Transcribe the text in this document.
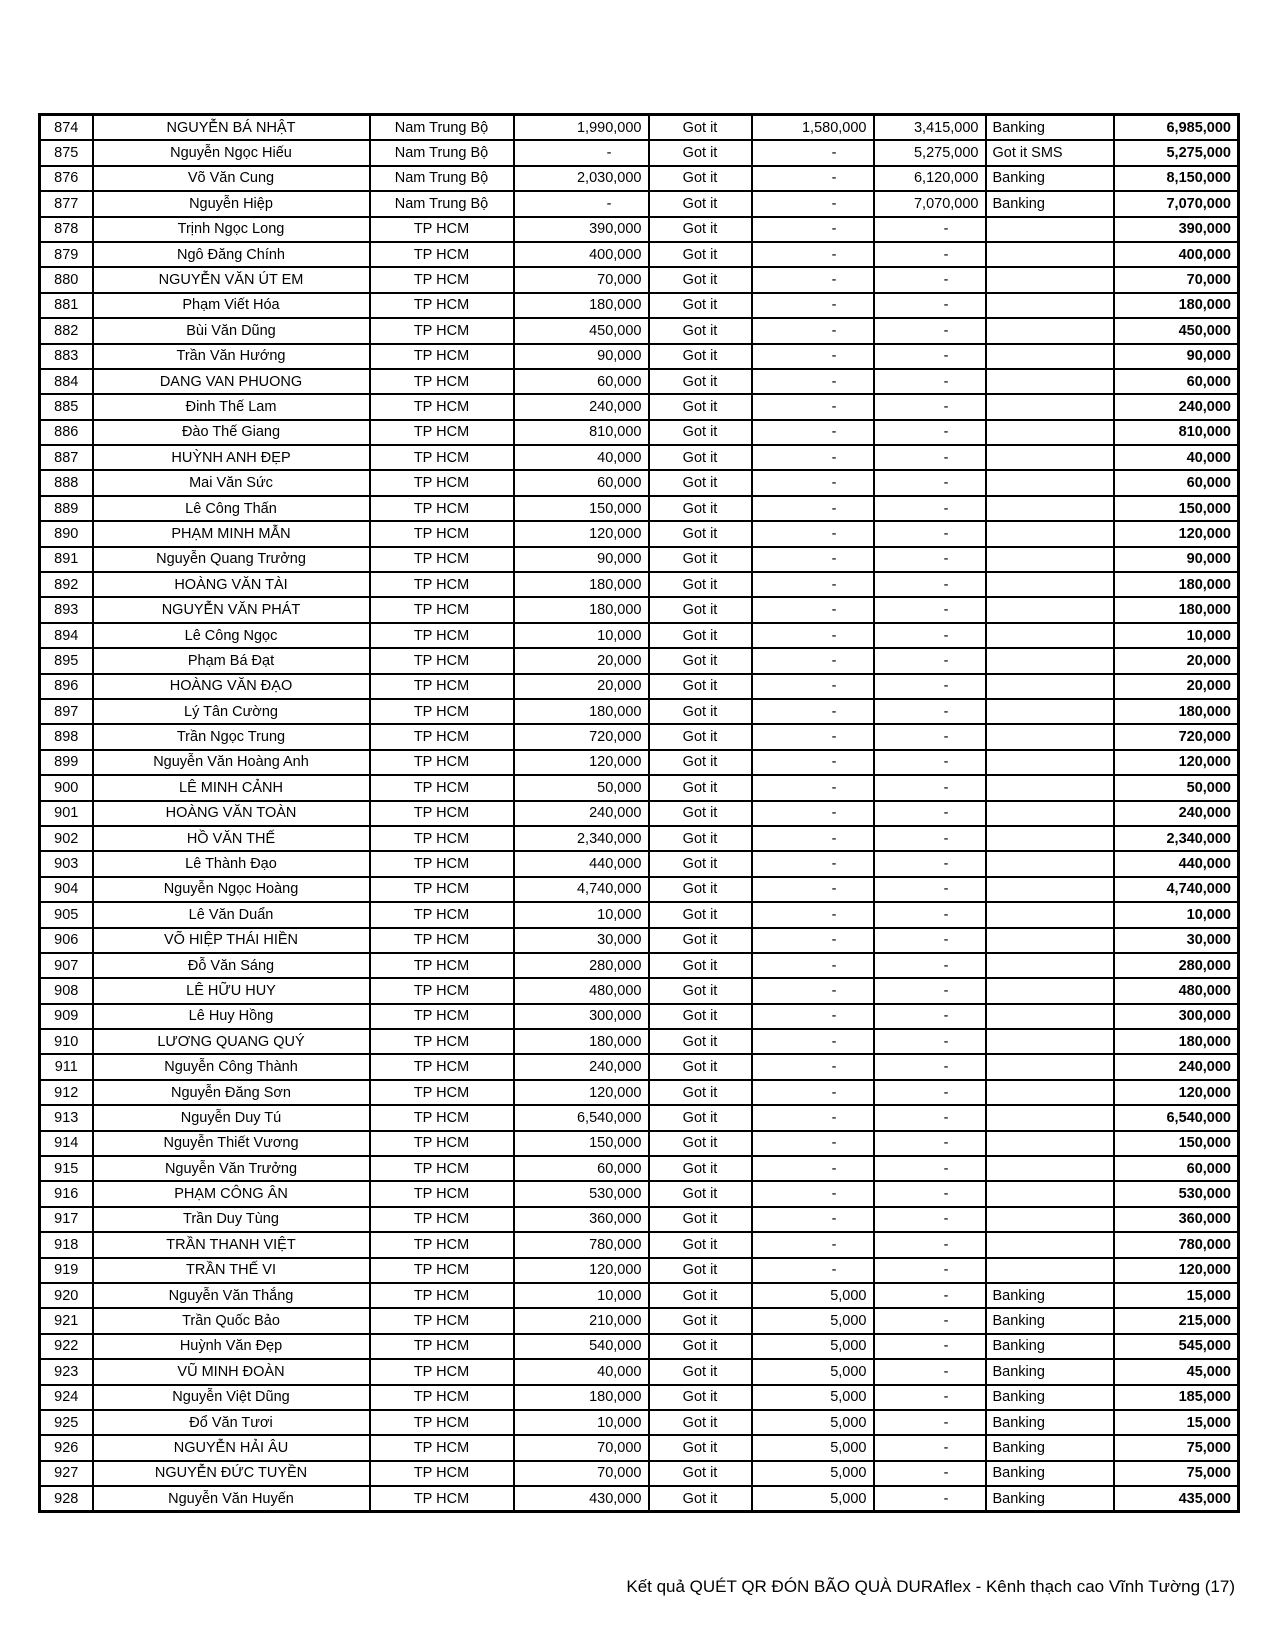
874	NGUYỄN BÁ NHẬT	Nam Trung Bộ	1,990,000	Got it	1,580,000	3,415,000	Banking	6,985,000
875	Nguyễn Ngọc Hiếu	Nam Trung Bộ	-	Got it	-	5,275,000	Got it SMS	5,275,000
876	Võ Văn Cung	Nam Trung Bộ	2,030,000	Got it	-	6,120,000	Banking	8,150,000
877	Nguyễn Hiệp	Nam Trung Bộ	-	Got it	-	7,070,000	Banking	7,070,000
878	Trịnh Ngọc Long	TP HCM	390,000	Got it	-	-		390,000
879	Ngô Đăng Chính	TP HCM	400,000	Got it	-	-		400,000
880	NGUYỄN VĂN ÚT EM	TP HCM	70,000	Got it	-	-		70,000
881	Phạm Viết Hóa	TP HCM	180,000	Got it	-	-		180,000
882	Bùi Văn Dũng	TP HCM	450,000	Got it	-	-		450,000
883	Trần Văn Hướng	TP HCM	90,000	Got it	-	-		90,000
884	DANG VAN PHUONG	TP HCM	60,000	Got it	-	-		60,000
885	Đinh Thế Lam	TP HCM	240,000	Got it	-	-		240,000
886	Đào Thế Giang	TP HCM	810,000	Got it	-	-		810,000
887	HUỲNH ANH ĐẸP	TP HCM	40,000	Got it	-	-		40,000
888	Mai Văn Sức	TP HCM	60,000	Got it	-	-		60,000
889	Lê Công Thấn	TP HCM	150,000	Got it	-	-		150,000
890	PHẠM MINH MẪN	TP HCM	120,000	Got it	-	-		120,000
891	Nguyễn Quang Trưởng	TP HCM	90,000	Got it	-	-		90,000
892	HOÀNG VĂN TÀI	TP HCM	180,000	Got it	-	-		180,000
893	NGUYỄN VĂN PHÁT	TP HCM	180,000	Got it	-	-		180,000
894	Lê Công Ngọc	TP HCM	10,000	Got it	-	-		10,000
895	Phạm Bá Đạt	TP HCM	20,000	Got it	-	-		20,000
896	HOÀNG VĂN ĐẠO	TP HCM	20,000	Got it	-	-		20,000
897	Lý Tân Cường	TP HCM	180,000	Got it	-	-		180,000
898	Trần Ngọc Trung	TP HCM	720,000	Got it	-	-		720,000
899	Nguyễn Văn Hoàng Anh	TP HCM	120,000	Got it	-	-		120,000
900	LÊ MINH CẢNH	TP HCM	50,000	Got it	-	-		50,000
901	HOÀNG VĂN TOÀN	TP HCM	240,000	Got it	-	-		240,000
902	HỒ VĂN THẾ	TP HCM	2,340,000	Got it	-	-		2,340,000
903	Lê Thành Đạo	TP HCM	440,000	Got it	-	-		440,000
904	Nguyễn Ngọc Hoàng	TP HCM	4,740,000	Got it	-	-		4,740,000
905	Lê Văn Duẩn	TP HCM	10,000	Got it	-	-		10,000
906	VÕ HIỆP THÁI HIỀN	TP HCM	30,000	Got it	-	-		30,000
907	Đỗ Văn Sáng	TP HCM	280,000	Got it	-	-		280,000
908	LÊ HỮU HUY	TP HCM	480,000	Got it	-	-		480,000
909	Lê Huy Hồng	TP HCM	300,000	Got it	-	-		300,000
910	LƯƠNG QUANG QUÝ	TP HCM	180,000	Got it	-	-		180,000
911	Nguyễn Công Thành	TP HCM	240,000	Got it	-	-		240,000
912	Nguyễn Đăng Sơn	TP HCM	120,000	Got it	-	-		120,000
913	Nguyễn Duy Tú	TP HCM	6,540,000	Got it	-	-		6,540,000
914	Nguyễn Thiết Vương	TP HCM	150,000	Got it	-	-		150,000
915	Nguyễn Văn Trưởng	TP HCM	60,000	Got it	-	-		60,000
916	PHẠM CÔNG ÂN	TP HCM	530,000	Got it	-	-		530,000
917	Trần Duy Tùng	TP HCM	360,000	Got it	-	-		360,000
918	TRẦN THANH VIỆT	TP HCM	780,000	Got it	-	-		780,000
919	TRẦN THẾ VI	TP HCM	120,000	Got it	-	-		120,000
920	Nguyễn Văn Thắng	TP HCM	10,000	Got it	5,000	-	Banking	15,000
921	Trần Quốc Bảo	TP HCM	210,000	Got it	5,000	-	Banking	215,000
922	Huỳnh Văn Đẹp	TP HCM	540,000	Got it	5,000	-	Banking	545,000
923	VŨ MINH ĐOÀN	TP HCM	40,000	Got it	5,000	-	Banking	45,000
924	Nguyễn Việt Dũng	TP HCM	180,000	Got it	5,000	-	Banking	185,000
925	Đổ Văn Tươi	TP HCM	10,000	Got it	5,000	-	Banking	15,000
926	NGUYỄN HẢI ÂU	TP HCM	70,000	Got it	5,000	-	Banking	75,000
927	NGUYỄN ĐỨC TUYỀN	TP HCM	70,000	Got it	5,000	-	Banking	75,000
928	Nguyễn Văn Huyến	TP HCM	430,000	Got it	5,000	-	Banking	435,000
Kết quả QUÉT QR ĐÓN BÃO QUÀ DURAflex - Kênh thạch cao Vĩnh Tường (17)
